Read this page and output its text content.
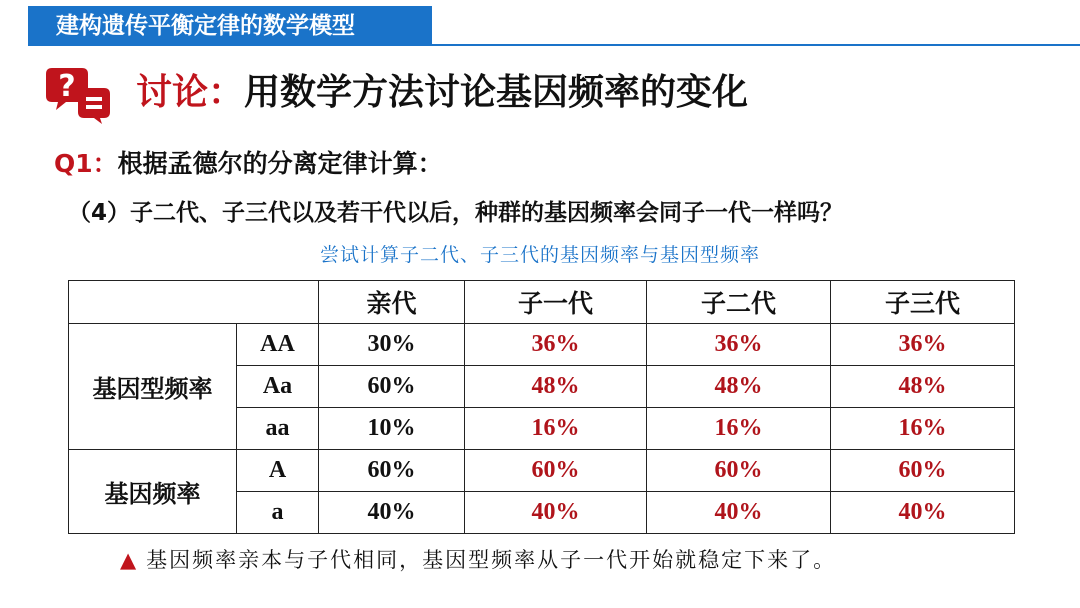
建构遗传平衡定律的数学模型
? 讨论：用数学方法讨论基因频率的变化
Q1：根据孟德尔的分离定律计算：
（4）子二代、子三代以及若干代以后，种群的基因频率会同子一代一样吗？
尝试计算子二代、子三代的基因频率与基因型频率
		亲代	子一代	子二代	子三代
基因型频率	AA	30%	36%	36%	36%
	Aa	60%	48%	48%	48%
	aa	10%	16%	16%	16%
基因频率	A	60%	60%	60%	60%
	a	40%	40%	40%	40%
▲ 基因频率亲本与子代相同，基因型频率从子一代开始就稳定下来了。
